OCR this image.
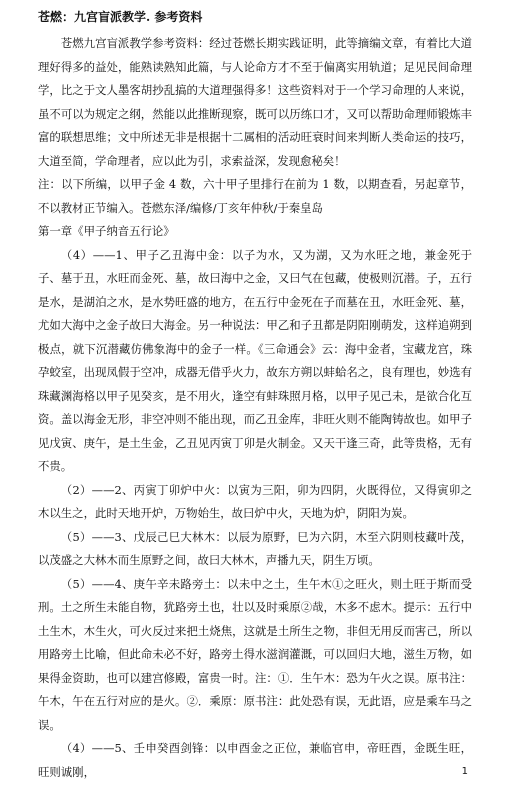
苍燃：九宫盲派教学. 参考资料

苍燃九宫盲派教学参考资料：经过苍燃长期实践证明，此等摘编文章，有着比大道理好得多的益处，能熟读熟知此篇，与人论命方才不至于偏离实用轨道；足见民间命理学，比之于文人墨客胡抄乱搞的大道理强得多！这些资料对于一个学习命理的人来说，虽不可以为规定之纲，然能以此推断现察，既可以历练口才，又可以帮助命理师锻炼丰富的联想思维；文中所述无非是根据十二属相的活动旺衰时间来判断人类命运的技巧，大道至简，学命理者，应以此为引，求索益深，发现愈秘矣！

注：以下所编，以甲子金 4 数，六十甲子里排行在前为 1 数，以期查看，另起章节，不以教材正节编入。苍燃东泽/编修/丁亥年仲秋/于秦皇岛

第一章《甲子纳音五行论》

（4）——1、甲子乙丑海中金：以子为水，又为湖，又为水旺之地，兼金死于子、墓于丑，水旺而金死、墓，故曰海中之金，又曰气在包藏，使极则沉潜。子，五行是水，是湖泊之水，是水势旺盛的地方，在五行中金死在子而墓在丑，水旺金死、墓，尤如大海中之金子故曰大海金。另一种说法：甲乙和子丑都是阴阳刚萌发，这样追朔到极点，就下沉潜藏仿佛象海中的金子一样。《三命通会》云：海中金者，宝藏龙宫，珠孕蛟室，出现凤假于空冲，成器无借乎火力，故东方朔以蚌蛤名之，良有理也，妙选有珠藏渊海格以甲子见癸亥，是不用火，逢空有蚌珠照月格，以甲子见己未，是欲合化互资。盖以海金无形，非空冲则不能出现，而乙丑金库，非旺火则不能陶铸故也。如甲子见戊寅、庚午，是土生金，乙丑见丙寅丁卯是火制金。又天干逢三奇，此等贵格，无有不贵。

（2）——2、丙寅丁卯炉中火：以寅为三阳，卯为四阴，火既得位，又得寅卯之木以生之，此时天地开炉，万物始生，故曰炉中火，天地为炉，阴阳为炭。

（5）——3、戊辰己巳大林木：以辰为原野，巳为六阴，木至六阴则枝藏叶茂，以茂盛之大林木而生原野之间，故曰大林木，声播九天，阴生万顷。

（5）——4、庚午辛未路旁土：以未中之土，生午木①之旺火，则土旺于斯而受刑。土之所生未能自物，犹路旁土也，壮以及时乘原②哉，木多不虑木。提示：五行中土生木，木生火，可火反过来把土烧焦，这就是土所生之物，非但无用反而害己，所以用路旁土比喻，但此命未必不好，路旁土得水滋润灌溉，可以回归大地，滋生万物，如果得金资助，也可以建宫修殿，富贵一时。注：①．生午木：恐为午火之误。原书注：午木，午在五行对应的是火。②．乘原：原书注：此处恐有误，无此语，应是乘车马之误。

（4）——5、壬申癸酉剑锋：以申酉金之正位，兼临官申，帝旺酉，金既生旺，旺则诚刚，	1
